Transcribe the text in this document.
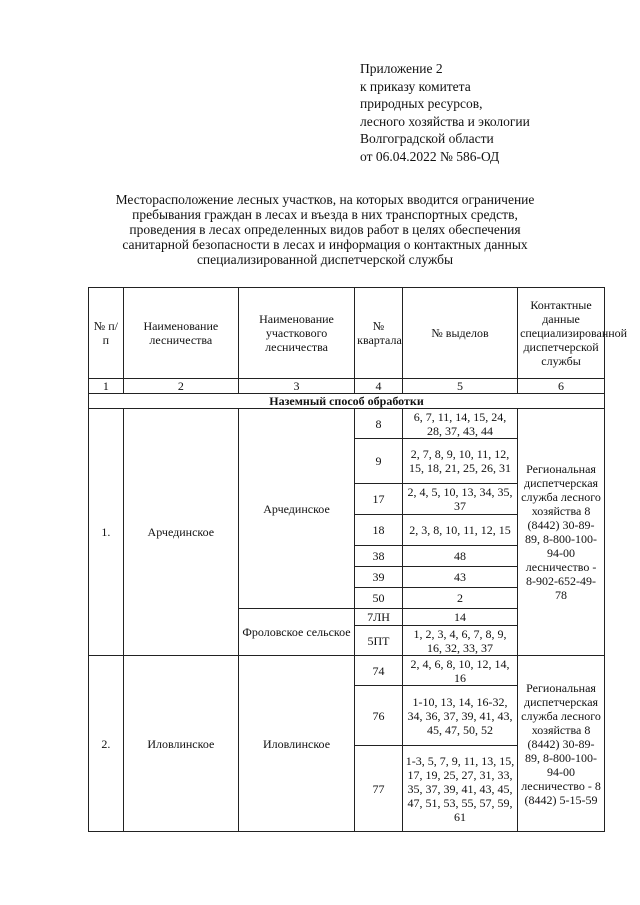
Приложение 2
к приказу комитета
природных ресурсов,
лесного хозяйства и экологии
Волгоградской области
от 06.04.2022 № 586-ОД
Месторасположение лесных участков, на которых вводится ограничение
пребывания граждан в лесах и въезда в них транспортных средств,
проведения в лесах определенных видов работ в целях обеспечения
санитарной безопасности в лесах и информация о контактных данных
специализированной диспетчерской службы
№ п/п	Наименование лесничества	Наименование участкового лесничества	№ квартала	№ выделов	Контактные данные специализированной диспетчерской службы
1	2	3	4	5	6
Наземный способ обработки					
1.	Арчединское	Арчединское	8	6, 7, 11, 14, 15, 24, 28, 37, 43, 44	Региональная диспетчерская служба лесного хозяйства 8 (8442) 30-89-89, 8-800-100-94-00 лесничество - 8-902-652-49-78
			9	2, 7, 8, 9, 10, 11, 12, 15, 18, 21, 25, 26, 31	
			17	2, 4, 5, 10, 13, 34, 35, 37	
			18	2, 3, 8, 10, 11, 12, 15	
			38	48	
			39	43	
			50	2	
		Фроловское сельское	7ЛН	14	
			5ПТ	1, 2, 3, 4, 6, 7, 8, 9, 16, 32, 33, 37	
2.	Иловлинское	Иловлинское	74	2, 4, 6, 8, 10, 12, 14, 16	Региональная диспетчерская служба лесного хозяйства 8 (8442) 30-89-89, 8-800-100-94-00 лесничество - 8 (8442) 5-15-59
			76	1-10, 13, 14, 16-32, 34, 36, 37, 39, 41, 43, 45, 47, 50, 52	
			77	1-3, 5, 7, 9, 11, 13, 15, 17, 19, 25, 27, 31, 33, 35, 37, 39, 41, 43, 45, 47, 51, 53, 55, 57, 59, 61	
